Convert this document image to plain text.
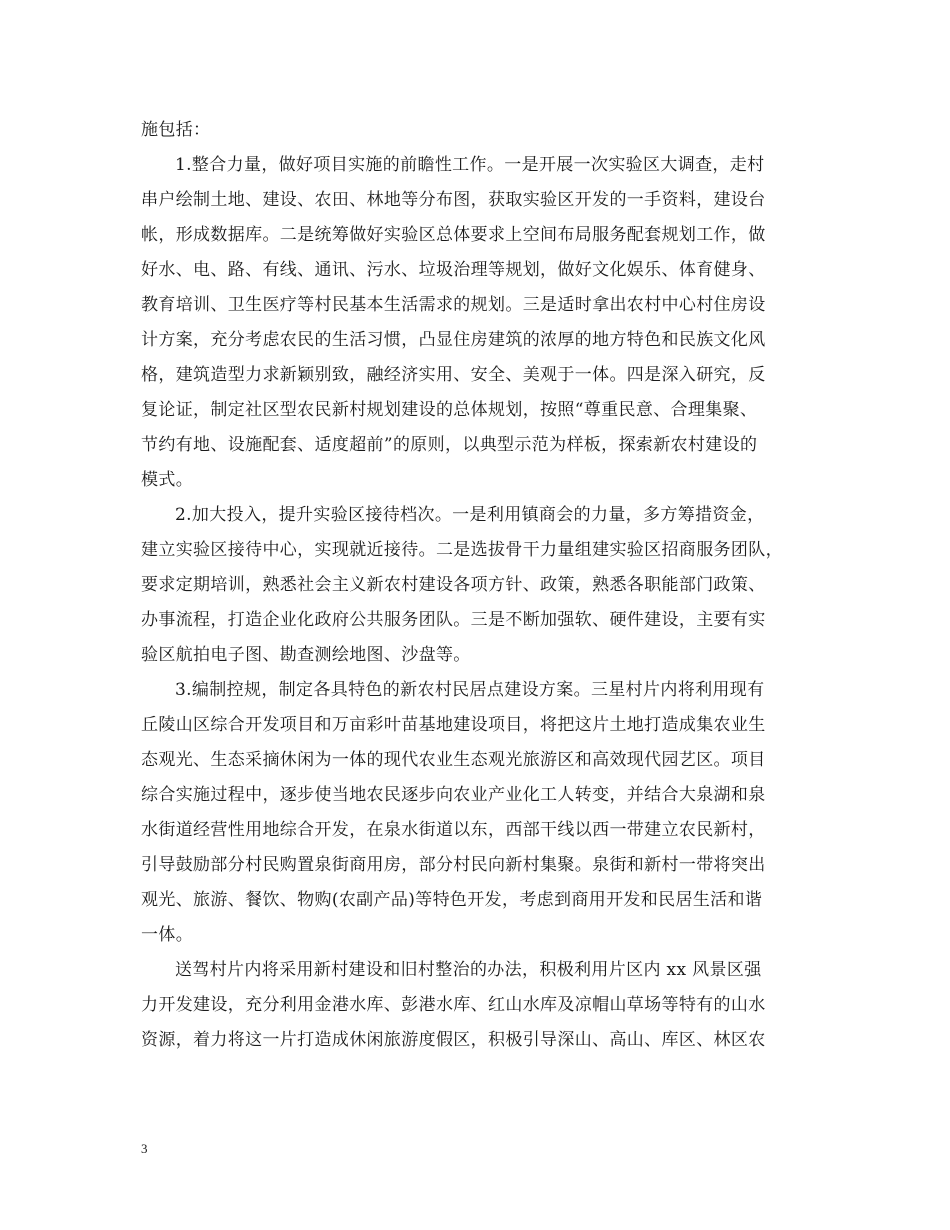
施包括：
1.整合力量，做好项目实施的前瞻性工作。一是开展一次实验区大调查，走村
串户绘制土地、建设、农田、林地等分布图，获取实验区开发的一手资料，建设台
帐，形成数据库。二是统筹做好实验区总体要求上空间布局服务配套规划工作，做
好水、电、路、有线、通讯、污水、垃圾治理等规划，做好文化娱乐、体育健身、
教育培训、卫生医疗等村民基本生活需求的规划。三是适时拿出农村中心村住房设
计方案，充分考虑农民的生活习惯，凸显住房建筑的浓厚的地方特色和民族文化风
格，建筑造型力求新颖别致，融经济实用、安全、美观于一体。四是深入研究，反
复论证，制定社区型农民新村规划建设的总体规划，按照“尊重民意、合理集聚、
节约有地、设施配套、适度超前”的原则，以典型示范为样板，探索新农村建设的
模式。
2.加大投入，提升实验区接待档次。一是利用镇商会的力量，多方筹措资金，
建立实验区接待中心，实现就近接待。二是选拔骨干力量组建实验区招商服务团队，
要求定期培训，熟悉社会主义新农村建设各项方针、政策，熟悉各职能部门政策、
办事流程，打造企业化政府公共服务团队。三是不断加强软、硬件建设，主要有实
验区航拍电子图、勘查测绘地图、沙盘等。
3.编制控规，制定各具特色的新农村民居点建设方案。三星村片内将利用现有
丘陵山区综合开发项目和万亩彩叶苗基地建设项目，将把这片土地打造成集农业生
态观光、生态采摘休闲为一体的现代农业生态观光旅游区和高效现代园艺区。项目
综合实施过程中，逐步使当地农民逐步向农业产业化工人转变，并结合大泉湖和泉
水街道经营性用地综合开发，在泉水街道以东，西部干线以西一带建立农民新村，
引导鼓励部分村民购置泉街商用房，部分村民向新村集聚。泉街和新村一带将突出
观光、旅游、餐饮、物购(农副产品)等特色开发，考虑到商用开发和民居生活和谐
一体。
送驾村片内将采用新村建设和旧村整治的办法，积极利用片区内 xx 风景区强
力开发建设，充分利用金港水库、彭港水库、红山水库及凉帽山草场等特有的山水
资源，着力将这一片打造成休闲旅游度假区，积极引导深山、高山、库区、林区农
3
